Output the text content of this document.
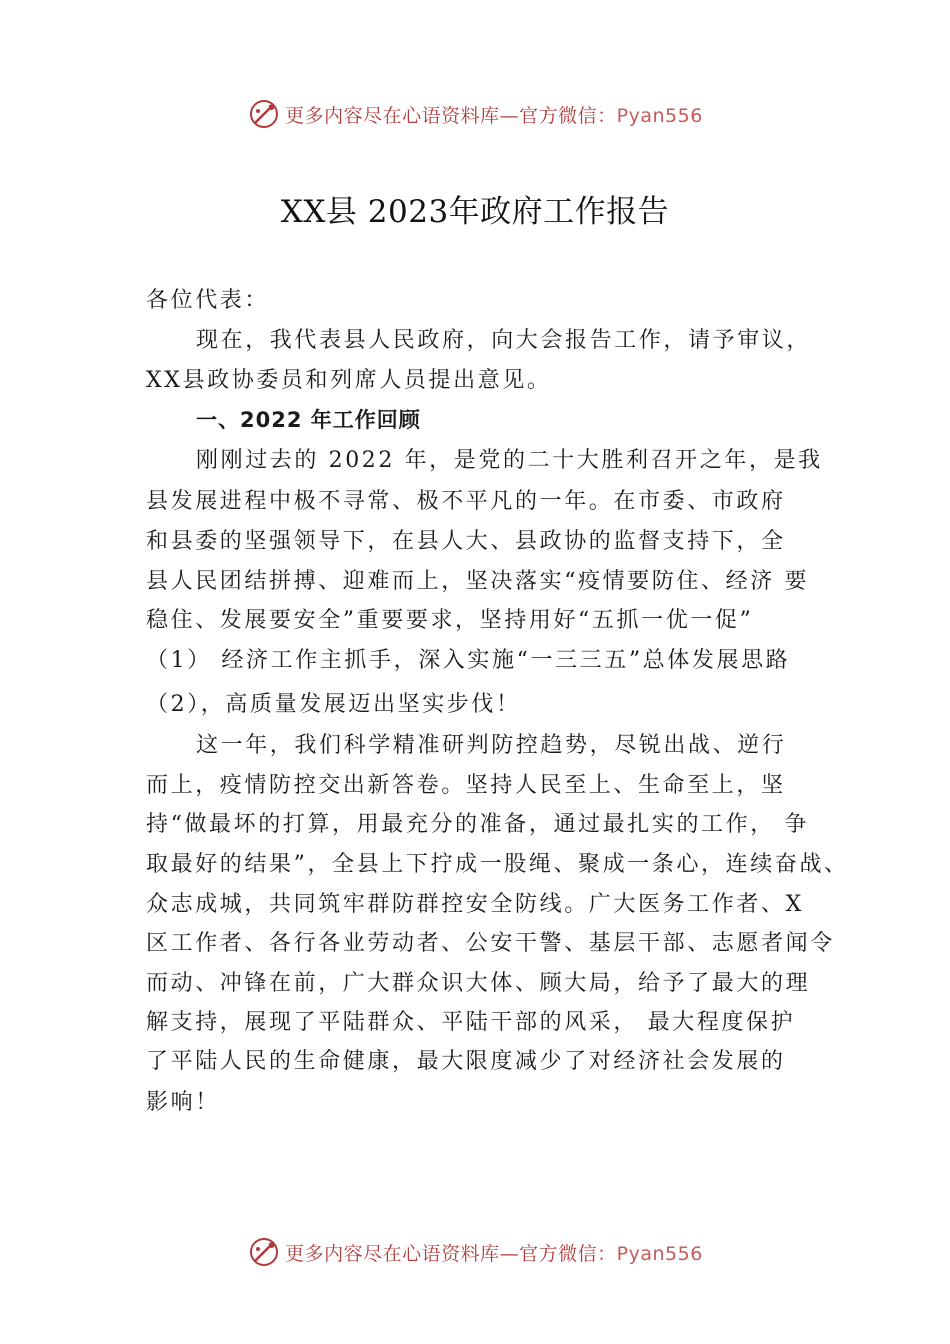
更多内容尽在心语资料库—官方微信：Pyan556
XX县 2023年政府工作报告

各位代表：

现在，我代表县人民政府，向大会报告工作，请予审议，

XX县政协委员和列席人员提出意见。

一、2022 年工作回顾

刚刚过去的 2022 年，是党的二十大胜利召开之年，是我

县发展进程中极不寻常、极不平凡的一年。在市委、市政府

和县委的坚强领导下，在县人大、县政协的监督支持下，全

县人民团结拼搏、迎难而上，坚决落实“疫情要防住、经济 要

稳住、发展要安全”重要要求，坚持用好“五抓一优一促”

（1） 经济工作主抓手，深入实施“一三三五”总体发展思路

（2），高质量发展迈出坚实步伐！

这一年，我们科学精准研判防控趋势，尽锐出战、逆行

而上，疫情防控交出新答卷。坚持人民至上、生命至上，坚

持“做最坏的打算，用最充分的准备，通过最扎实的工作， 争

取最好的结果”，全县上下拧成一股绳、聚成一条心，连续奋战、

众志成城，共同筑牢群防群控安全防线。广大医务工作者、X

区工作者、各行各业劳动者、公安干警、基层干部、志愿者闻令

而动、冲锋在前，广大群众识大体、顾大局，给予了最大的理

解支持，展现了平陆群众、平陆干部的风采， 最大程度保护

了平陆人民的生命健康，最大限度减少了对经济社会发展的

影响！

更多内容尽在心语资料库—官方微信：Pyan556
